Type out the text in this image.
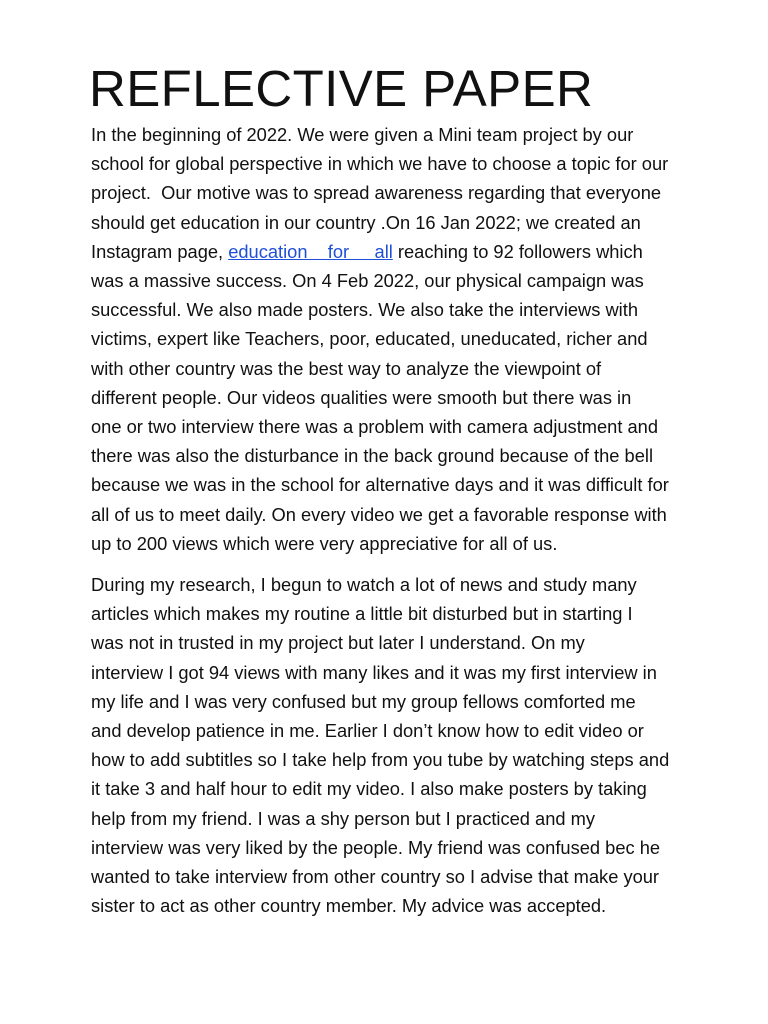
REFLECTIVE PAPER

In the beginning of 2022. We were given a Mini team project by our
school for global perspective in which we have to choose a topic for our
project.  Our motive was to spread awareness regarding that everyone
should get education in our country .On 16 Jan 2022; we created an
Instagram page, education    for     all reaching to 92 followers which
was a massive success. On 4 Feb 2022, our physical campaign was
successful. We also made posters. We also take the interviews with
victims, expert like Teachers, poor, educated, uneducated, richer and
with other country was the best way to analyze the viewpoint of
different people. Our videos qualities were smooth but there was in
one or two interview there was a problem with camera adjustment and
there was also the disturbance in the back ground because of the bell
because we was in the school for alternative days and it was difficult for
all of us to meet daily. On every video we get a favorable response with
up to 200 views which were very appreciative for all of us.

During my research, I begun to watch a lot of news and study many
articles which makes my routine a little bit disturbed but in starting I
was not in trusted in my project but later I understand. On my
interview I got 94 views with many likes and it was my first interview in
my life and I was very confused but my group fellows comforted me
and develop patience in me. Earlier I don’t know how to edit video or
how to add subtitles so I take help from you tube by watching steps and
it take 3 and half hour to edit my video. I also make posters by taking
help from my friend. I was a shy person but I practiced and my
interview was very liked by the people. My friend was confused bec he
wanted to take interview from other country so I advise that make your
sister to act as other country member. My advice was accepted.
